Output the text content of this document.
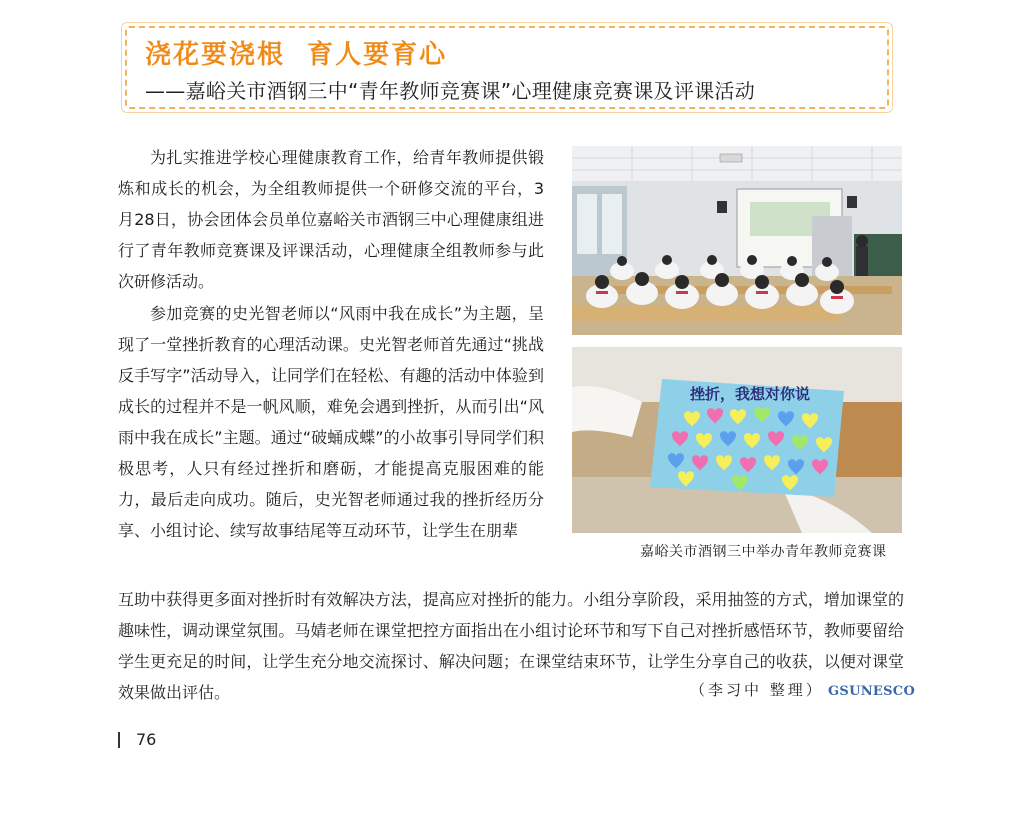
浇花要浇根  育人要育心
——嘉峪关市酒钢三中“青年教师竞赛课”心理健康竞赛课及评课活动
为扎实推进学校心理健康教育工作，给青年教师提供锻炼和成长的机会，为全组教师提供一个研修交流的平台，3月28日，协会团体会员单位嘉峪关市酒钢三中心理健康组进行了青年教师竞赛课及评课活动，心理健康全组教师参与此次研修活动。
参加竞赛的史光智老师以“风雨中我在成长”为主题，呈现了一堂挫折教育的心理活动课。史光智老师首先通过“挑战反手写字”活动导入，让同学们在轻松、有趣的活动中体验到成长的过程并不是一帆风顺，难免会遇到挫折，从而引出“风雨中我在成长”主题。通过“破蛹成蝶”的小故事引导同学们积极思考，人只有经过挫折和磨砺，才能提高克服困难的能力，最后走向成功。随后，史光智老师通过我的挫折经历分享、小组讨论、续写故事结尾等互动环节，让学生在朋辈
互助中获得更多面对挫折时有效解决方法，提高应对挫折的能力。小组分享阶段，采用抽签的方式，增加课堂的趣味性，调动课堂氛围。马婧老师在课堂把控方面指出在小组讨论环节和写下自己对挫折感悟环节，教师要留给学生更充足的时间，让学生充分地交流探讨、解决问题；在课堂结束环节，让学生分享自己的收获，以便对课堂效果做出评估。	（李习中 整理） GSUNESCO
挫折，我想对你说
嘉峪关市酒钢三中举办青年教师竞赛课
76
